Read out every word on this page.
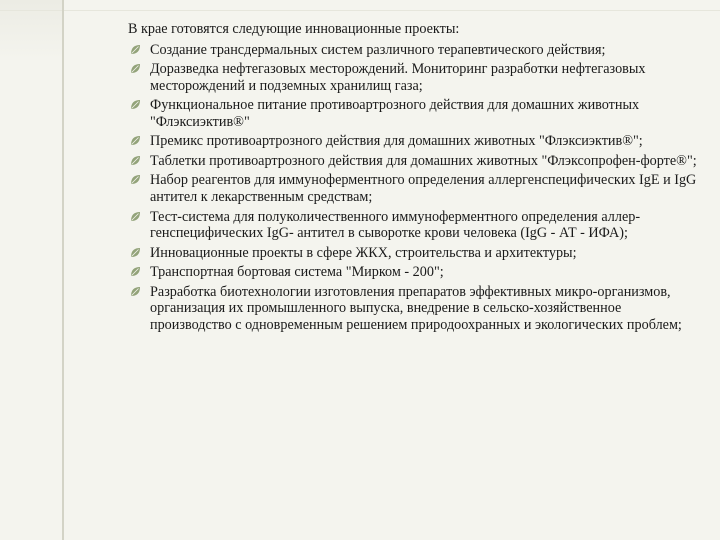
В крае готовятся следующие инновационные проекты:

Создание трансдермальных систем различного терапевтического действия;
Доразведка нефтегазовых месторождений. Мониторинг разработки нефтегазовых месторождений и подземных хранилищ газа;
Функциональное питание противоартрозного действия для домашних животных "Флэксиэктив®"
Премикс противоартрозного действия для домашних животных "Флэксиэктив®";
Таблетки противоартрозного действия для домашних животных "Флэксопрофен-форте®";
Набор реагентов для иммуноферментного определения аллергенспецифических IgE и IgG антител к лекарственным средствам;
Тест-система для полуколичественного иммуноферментного определения аллер-генспецифических IgG- антител в сыворотке крови человека (IgG - АТ - ИФА);
Инновационные проекты в сфере ЖКХ, строительства и архитектуры;
Транспортная бортовая система "Мирком - 200";
Разработка биотехнологии изготовления препаратов эффективных микро-организмов, организация их промышленного выпуска, внедрение в сельско-хозяйственное производство с одновременным решением природоохранных и экологических проблем;
